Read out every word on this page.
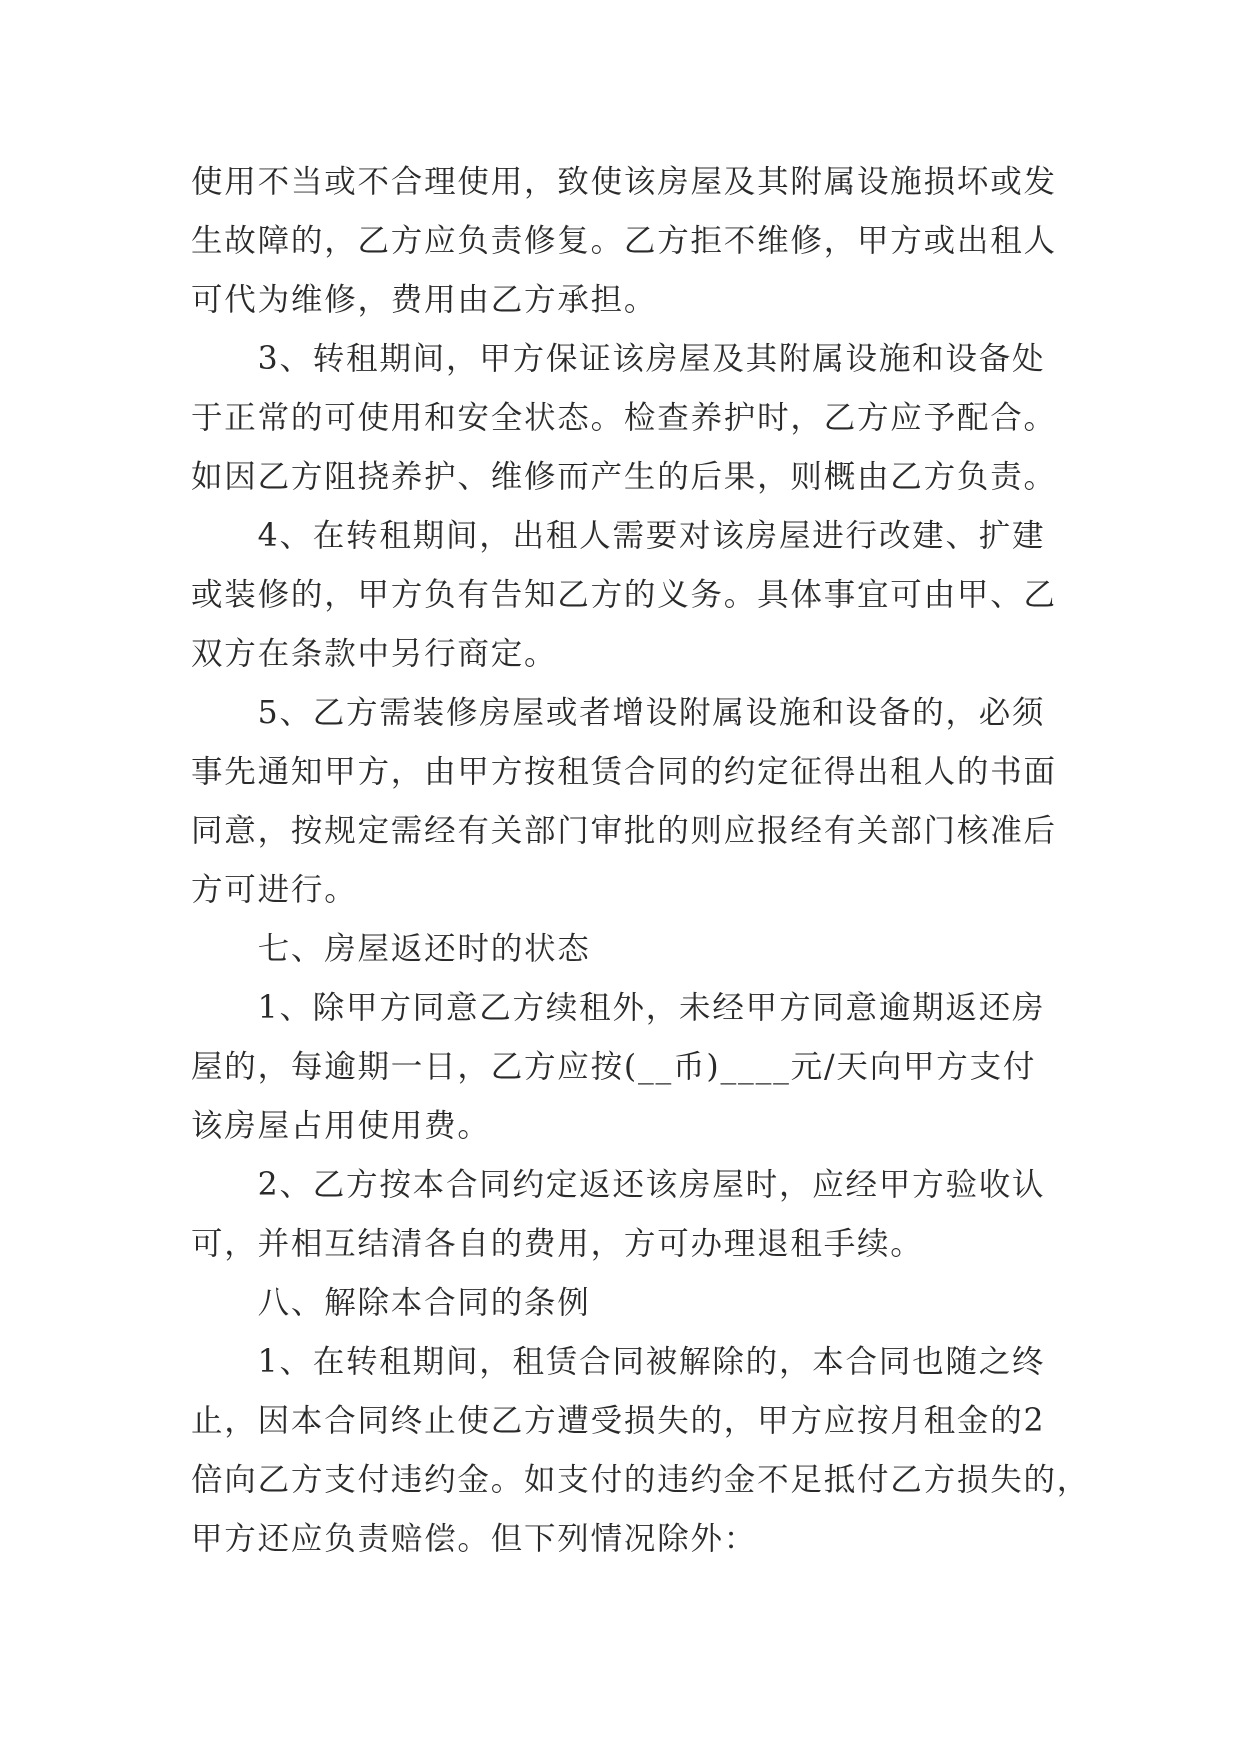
使用不当或不合理使用，致使该房屋及其附属设施损坏或发
生故障的，乙方应负责修复。乙方拒不维修，甲方或出租人
可代为维修，费用由乙方承担。
　　3、转租期间，甲方保证该房屋及其附属设施和设备处
于正常的可使用和安全状态。检查养护时，乙方应予配合。
如因乙方阻挠养护、维修而产生的后果，则概由乙方负责。
　　4、在转租期间，出租人需要对该房屋进行改建、扩建
或装修的，甲方负有告知乙方的义务。具体事宜可由甲、乙
双方在条款中另行商定。
　　5、乙方需装修房屋或者增设附属设施和设备的，必须
事先通知甲方，由甲方按租赁合同的约定征得出租人的书面
同意，按规定需经有关部门审批的则应报经有关部门核准后
方可进行。
　　七、房屋返还时的状态
　　1、除甲方同意乙方续租外，未经甲方同意逾期返还房
屋的，每逾期一日，乙方应按(__币)____元/天向甲方支付
该房屋占用使用费。
　　2、乙方按本合同约定返还该房屋时，应经甲方验收认
可，并相互结清各自的费用，方可办理退租手续。
　　八、解除本合同的条例
　　1、在转租期间，租赁合同被解除的，本合同也随之终
止，因本合同终止使乙方遭受损失的，甲方应按月租金的2
倍向乙方支付违约金。如支付的违约金不足抵付乙方损失的，
甲方还应负责赔偿。但下列情况除外：
